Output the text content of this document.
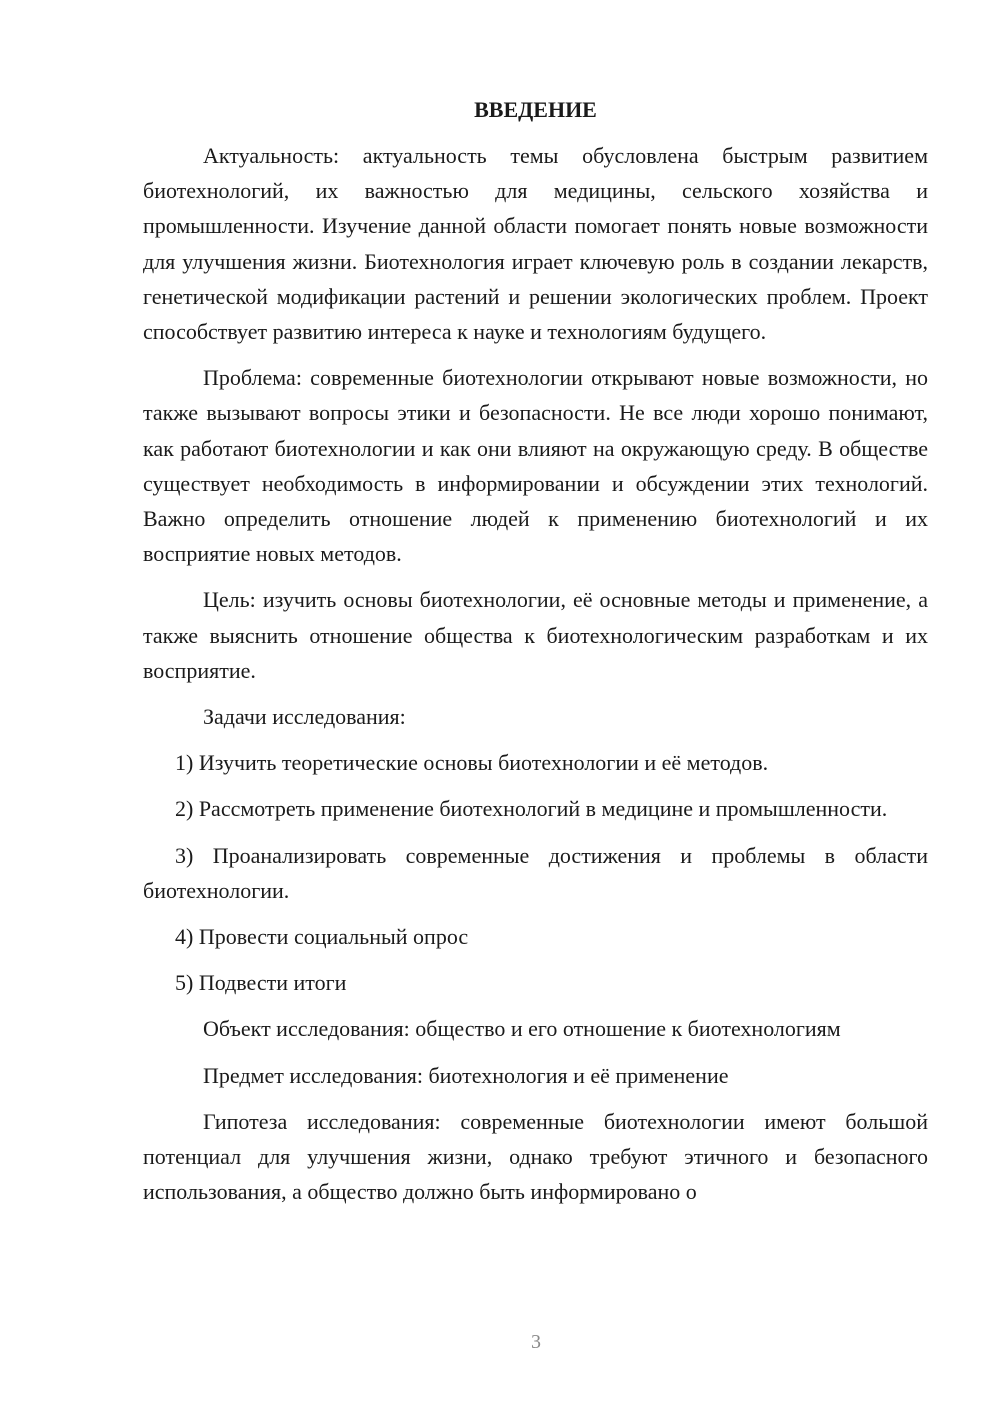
ВВЕДЕНИЕ

Актуальность: актуальность темы обусловлена быстрым развитием биотехнологий, их важностью для медицины, сельского хозяйства и промышленности. Изучение данной области помогает понять новые возможности для улучшения жизни. Биотехнология играет ключевую роль в создании лекарств, генетической модификации растений и решении экологических проблем. Проект способствует развитию интереса к науке и технологиям будущего.

Проблема: современные биотехнологии открывают новые возможности, но также вызывают вопросы этики и безопасности. Не все люди хорошо понимают, как работают биотехнологии и как они влияют на окружающую среду. В обществе существует необходимость в информировании и обсуждении этих технологий. Важно определить отношение людей к применению биотехнологий и их восприятие новых методов.

Цель: изучить основы биотехнологии, её основные методы и применение, а также выяснить отношение общества к биотехнологическим разработкам и их восприятие.

Задачи исследования:

1) Изучить теоретические основы биотехнологии и её методов.

2) Рассмотреть применение биотехнологий в медицине и промышленности.

3) Проанализировать современные достижения и проблемы в области биотехнологии.

4) Провести социальный опрос

5) Подвести итоги

Объект исследования: общество и его отношение к биотехнологиям

Предмет исследования: биотехнология и её применение

Гипотеза исследования: современные биотехнологии имеют большой потенциал для улучшения жизни, однако требуют этичного и безопасного использования, а общество должно быть информировано о

3
